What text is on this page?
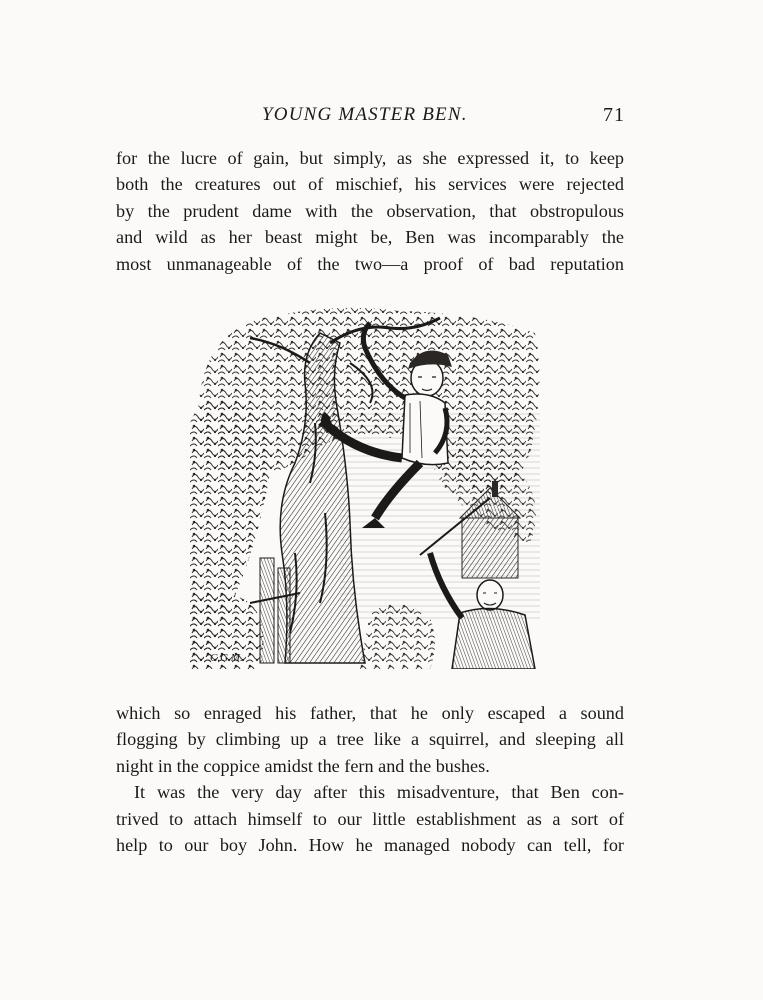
YOUNG MASTER BEN.	71
for the lucre of gain, but simply, as she expressed it, to keep
both the creatures out of mischief, his services were rejected
by the prudent dame with the observation, that obstropulous
and wild as her beast might be, Ben was incomparably the
most unmanageable of the two—a proof of bad reputation
C.G.M.
which so enraged his father, that he only escaped a sound
flogging by climbing up a tree like a squirrel, and sleeping all
night in the coppice amidst the fern and the bushes.
It was the very day after this misadventure, that Ben con-
trived to attach himself to our little establishment as a sort of
help to our boy John. How he managed nobody can tell, for
